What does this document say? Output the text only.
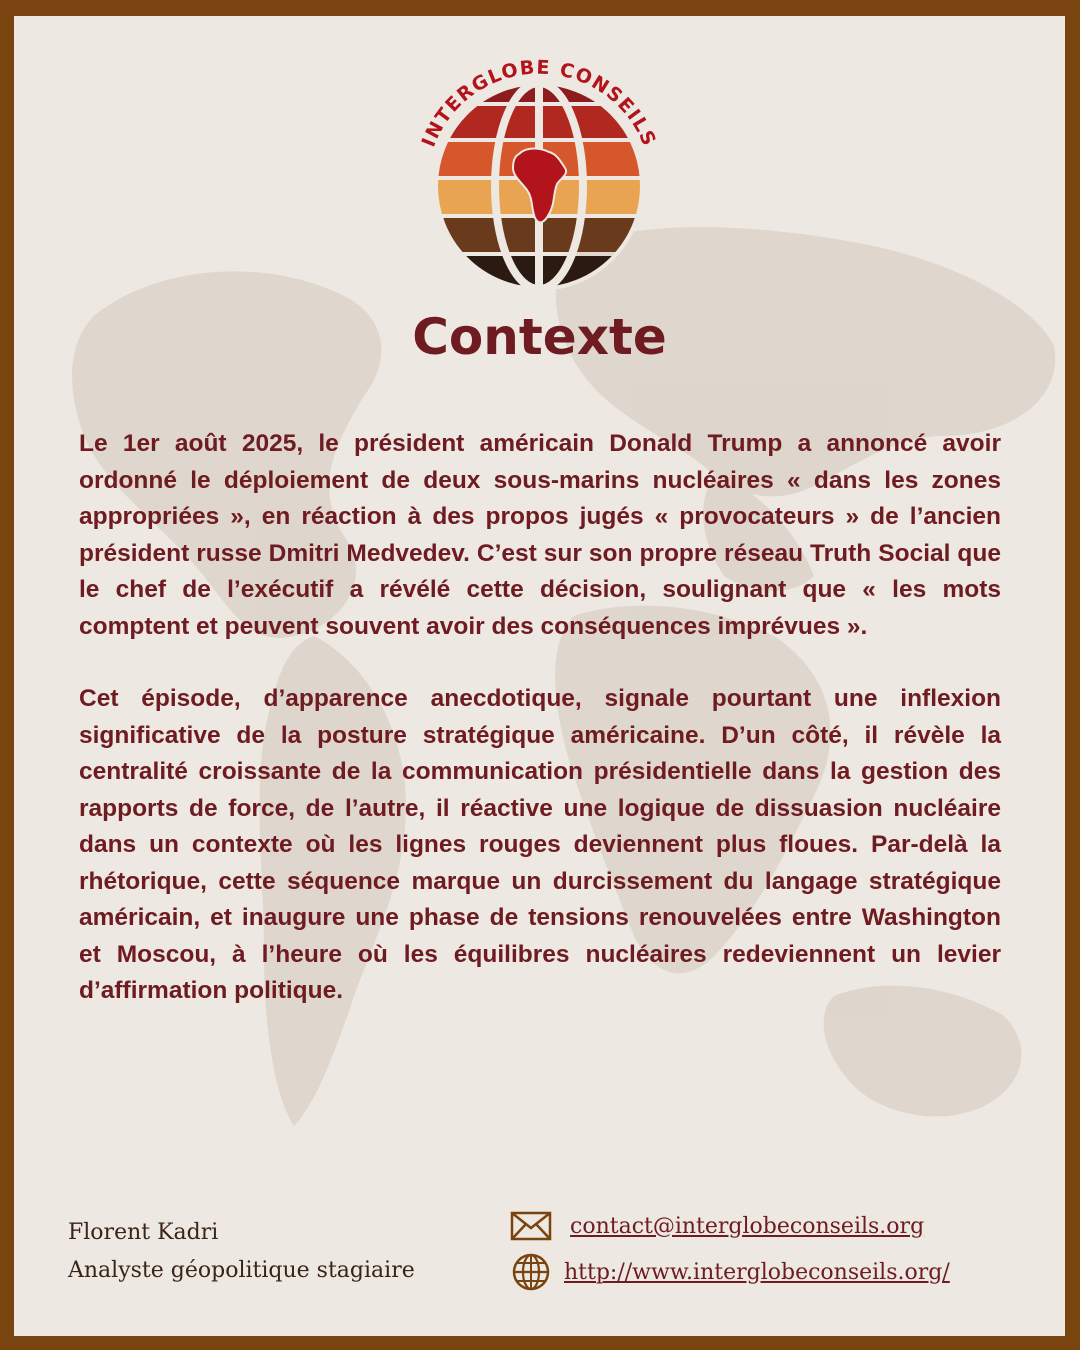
INTERGLOBE CONSEILS
Contexte

Le 1er août 2025, le président américain Donald Trump a annoncé avoir ordonné le déploiement de deux sous-marins nucléaires « dans les zones appropriées », en réaction à des propos jugés « provocateurs » de l’ancien président russe Dmitri Medvedev. C’est sur son propre réseau Truth Social que le chef de l’exécutif a révélé cette décision, soulignant que « les mots comptent et peuvent souvent avoir des conséquences imprévues ».

Cet épisode, d’apparence anecdotique, signale pourtant une inflexion significative de la posture stratégique américaine. D’un côté, il révèle la centralité croissante de la communication présidentielle dans la gestion des rapports de force, de l’autre, il réactive une logique de dissuasion nucléaire dans un contexte où les lignes rouges deviennent plus floues. Par-delà la rhétorique, cette séquence marque un durcissement du langage stratégique américain, et inaugure une phase de tensions renouvelées entre Washington et Moscou, à l’heure où les équilibres nucléaires redeviennent un levier d’affirmation politique.

Florent Kadri
Analyste géopolitique stagiaire
contact@interglobeconseils.org
http://www.interglobeconseils.org/
